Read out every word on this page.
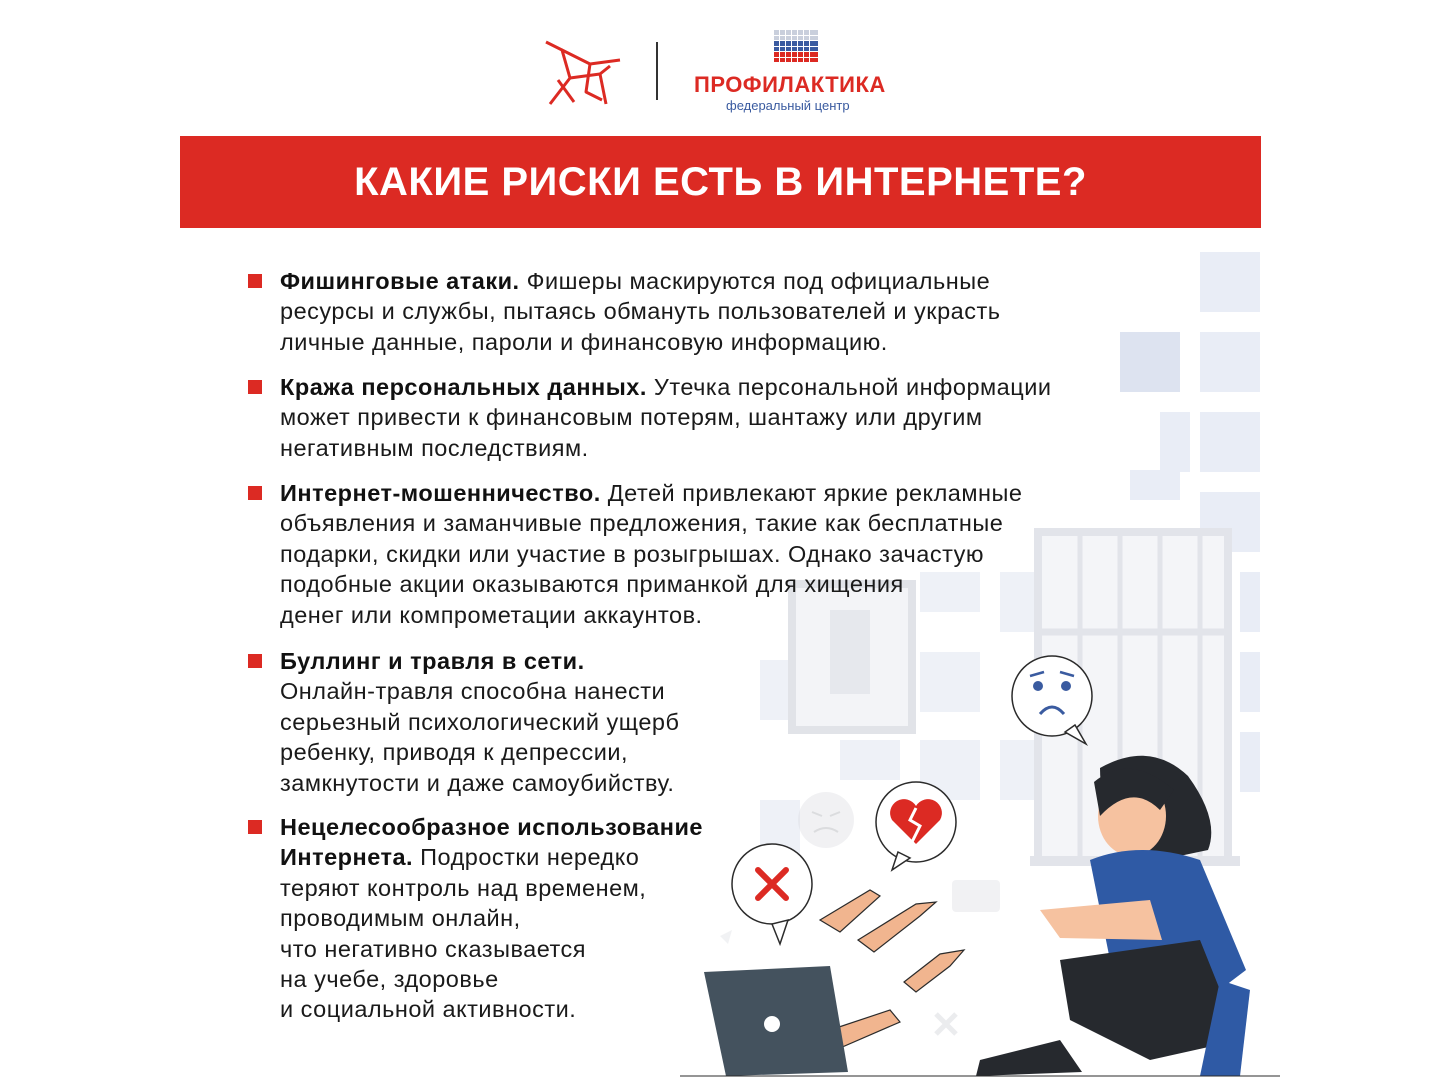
ПРОФИЛАКТИКА
федеральный центр
КАКИЕ РИСКИ ЕСТЬ В ИНТЕРНЕТЕ?

Фишинговые атаки. Фишеры маскируются под официальные
ресурсы и службы, пытаясь обмануть пользователей и украсть
личные данные, пароли и финансовую информацию.

Кража персональных данных. Утечка персональной информации
может привести к финансовым потерям, шантажу или другим
негативным последствиям.

Интернет-мошенничество. Детей привлекают яркие рекламные
объявления и заманчивые предложения, такие как бесплатные
подарки, скидки или участие в розыгрышах. Однако зачастую
подобные акции оказываются приманкой для хищения
денег или компрометации аккаунтов.

Буллинг и травля в сети.
Онлайн-травля способна нанести
серьезный психологический ущерб
ребенку, приводя к депрессии,
замкнутости и даже самоубийству.

Нецелесообразное использование
Интернета. Подростки нередко
теряют контроль над временем,
проводимым онлайн,
что негативно сказывается
на учебе, здоровье
и социальной активности.
